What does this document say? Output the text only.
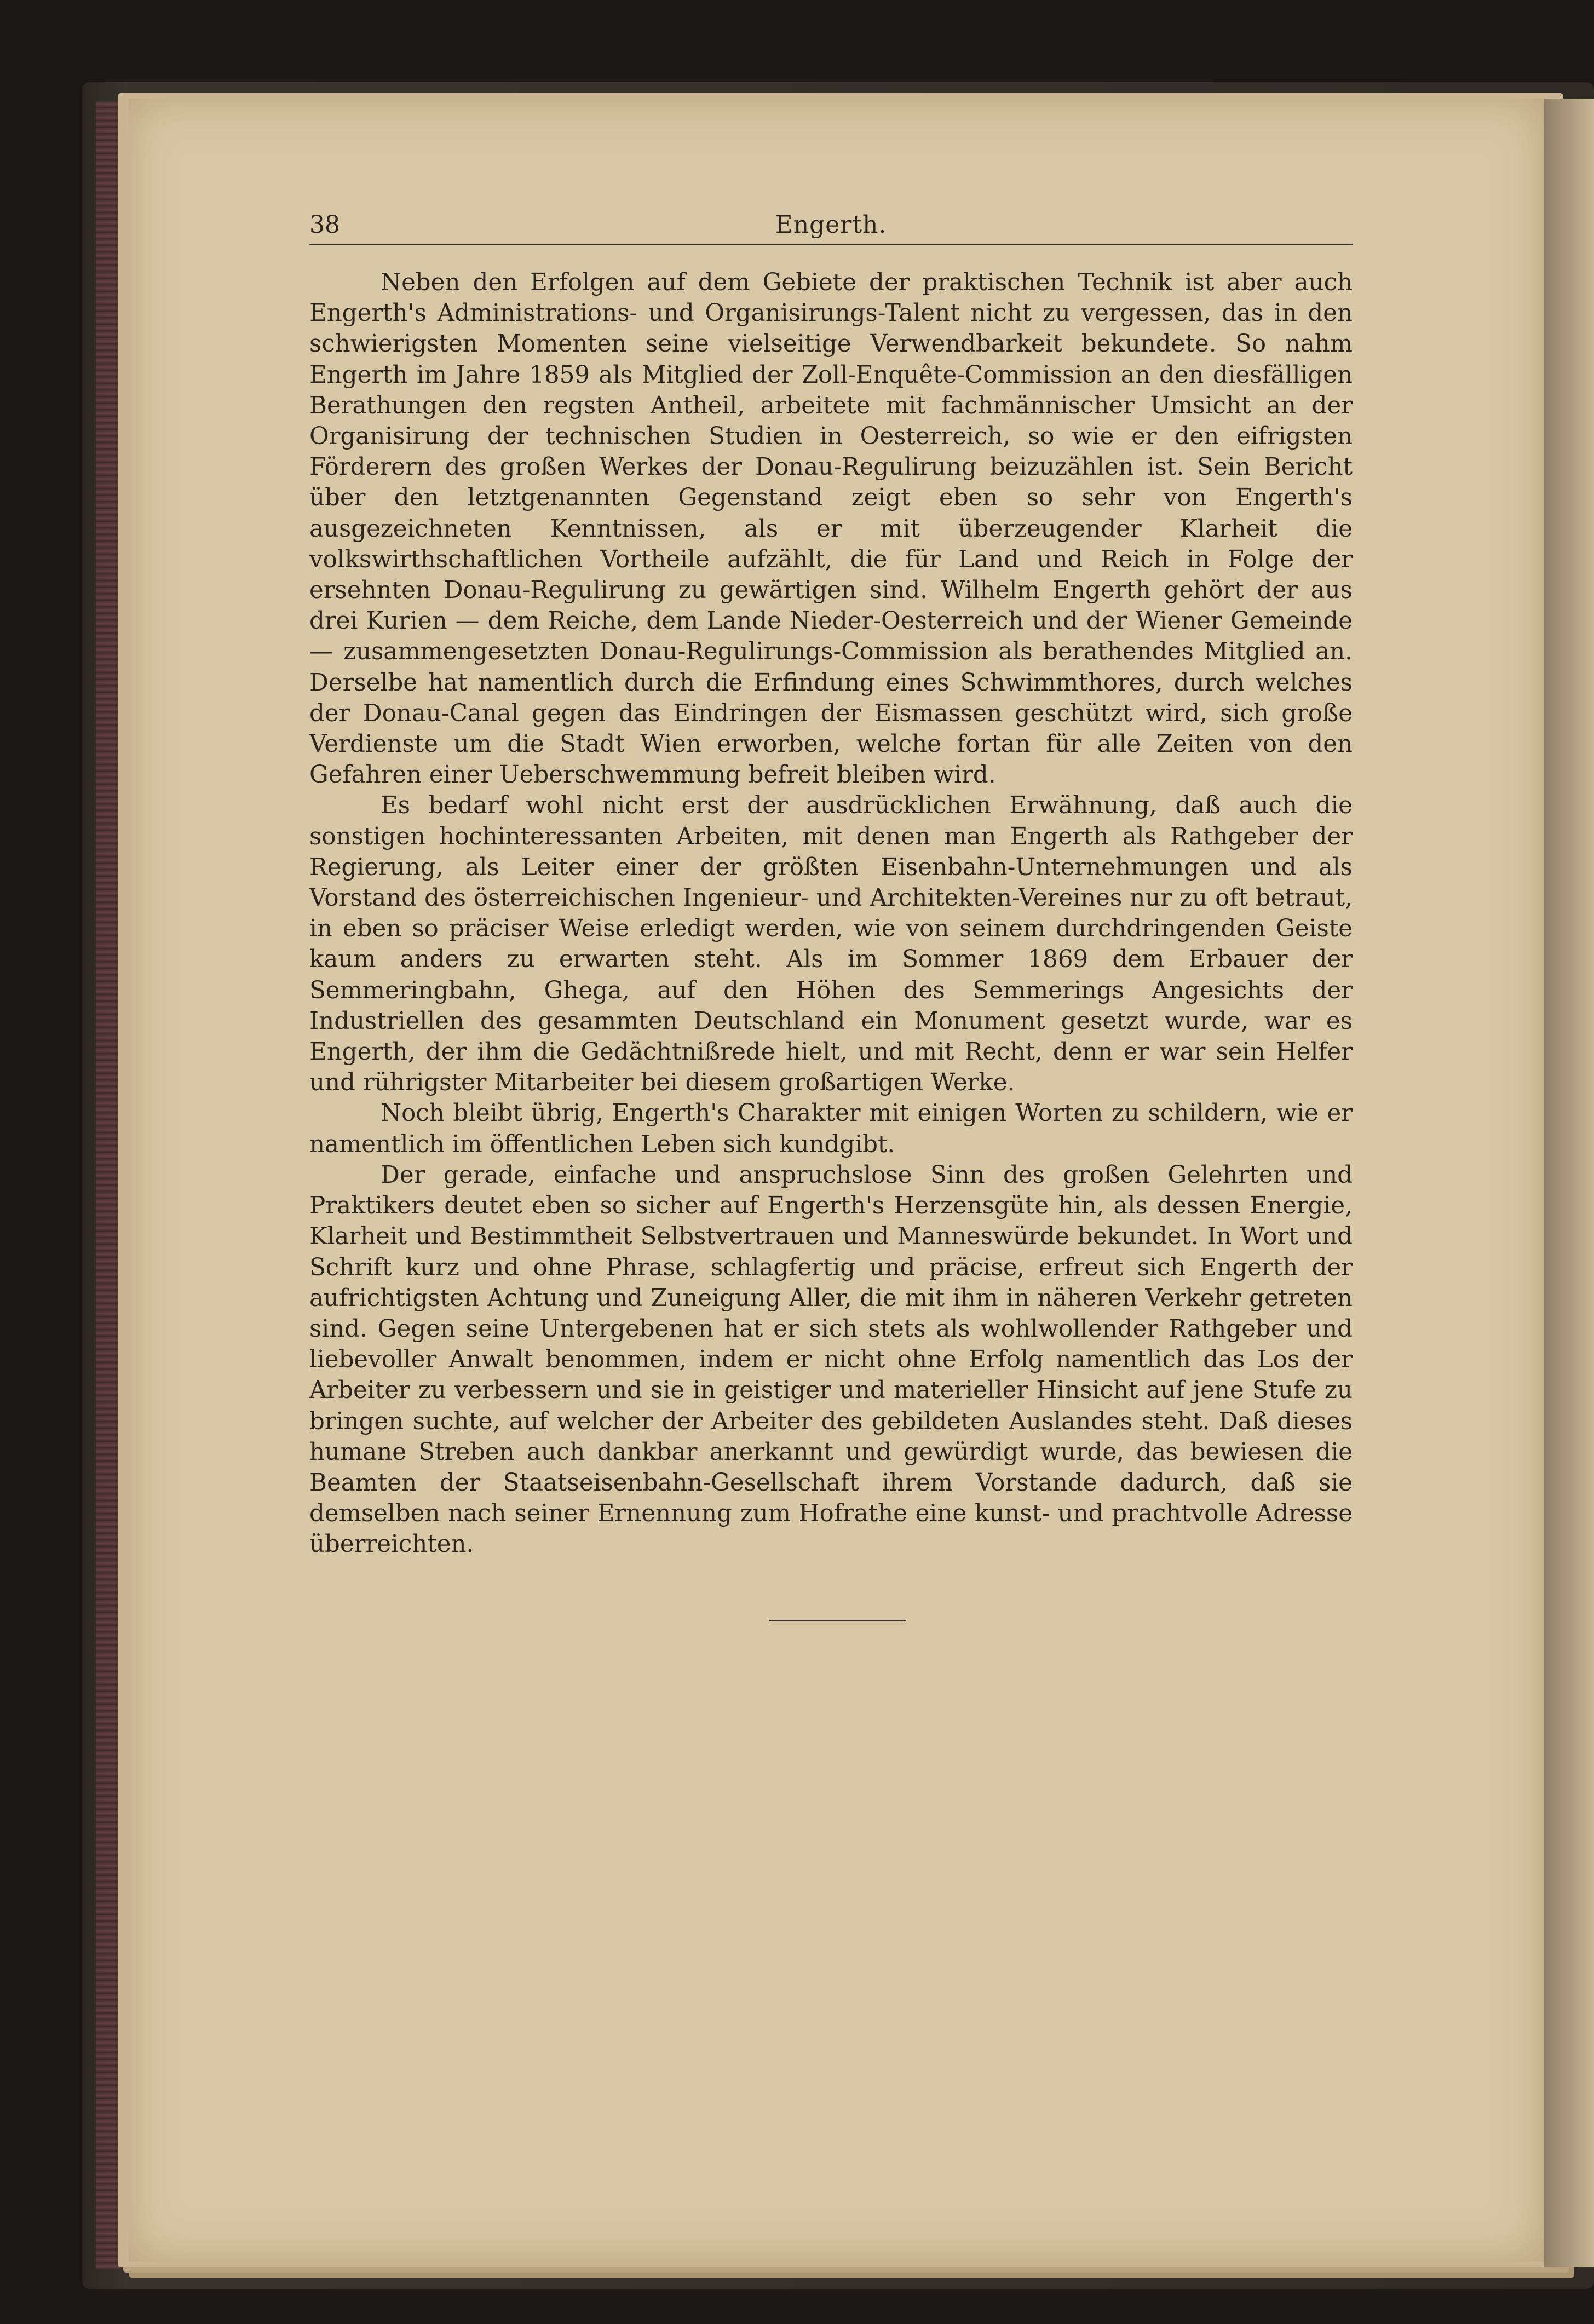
38	Engerth.

Neben den Erfolgen auf dem Gebiete der praktischen Technik ist aber auch Engerth's Administrations- und Organisirungs-Talent nicht zu vergessen, das in den schwierigsten Momenten seine vielseitige Verwendbarkeit bekundete. So nahm Engerth im Jahre 1859 als Mitglied der Zoll-Enquête-Commission an den diesfälligen Berathungen den regsten Antheil, arbeitete mit fachmännischer Umsicht an der Organisirung der technischen Studien in Oesterreich, so wie er den eifrigsten Förderern des großen Werkes der Donau-Regulirung beizuzählen ist. Sein Bericht über den letztgenannten Gegenstand zeigt eben so sehr von Engerth's ausgezeichneten Kenntnissen, als er mit überzeugender Klarheit die volkswirthschaftlichen Vortheile aufzählt, die für Land und Reich in Folge der ersehnten Donau-Regulirung zu gewärtigen sind. Wilhelm Engerth gehört der aus drei Kurien — dem Reiche, dem Lande Nieder-Oesterreich und der Wiener Gemeinde — zusammengesetzten Donau-Regulirungs-Commission als berathendes Mitglied an. Derselbe hat namentlich durch die Erfindung eines Schwimmthores, durch welches der Donau-Canal gegen das Eindringen der Eismassen geschützt wird, sich große Verdienste um die Stadt Wien erworben, welche fortan für alle Zeiten von den Gefahren einer Ueberschwemmung befreit bleiben wird.

Es bedarf wohl nicht erst der ausdrücklichen Erwähnung, daß auch die sonstigen hochinteressanten Arbeiten, mit denen man Engerth als Rathgeber der Regierung, als Leiter einer der größten Eisenbahn-Unternehmungen und als Vorstand des österreichischen Ingenieur- und Architekten-Vereines nur zu oft betraut, in eben so präciser Weise erledigt werden, wie von seinem durchdringenden Geiste kaum anders zu erwarten steht. Als im Sommer 1869 dem Erbauer der Semmeringbahn, Ghega, auf den Höhen des Semmerings Angesichts der Industriellen des gesammten Deutschland ein Monument gesetzt wurde, war es Engerth, der ihm die Gedächtnißrede hielt, und mit Recht, denn er war sein Helfer und rührigster Mitarbeiter bei diesem großartigen Werke.

Noch bleibt übrig, Engerth's Charakter mit einigen Worten zu schildern, wie er namentlich im öffentlichen Leben sich kundgibt.

Der gerade, einfache und anspruchslose Sinn des großen Gelehrten und Praktikers deutet eben so sicher auf Engerth's Herzensgüte hin, als dessen Energie, Klarheit und Bestimmtheit Selbstvertrauen und Manneswürde bekundet. In Wort und Schrift kurz und ohne Phrase, schlagfertig und präcise, erfreut sich Engerth der aufrichtigsten Achtung und Zuneigung Aller, die mit ihm in näheren Verkehr getreten sind. Gegen seine Untergebenen hat er sich stets als wohlwollender Rathgeber und liebevoller Anwalt benommen, indem er nicht ohne Erfolg namentlich das Los der Arbeiter zu verbessern und sie in geistiger und materieller Hinsicht auf jene Stufe zu bringen suchte, auf welcher der Arbeiter des gebildeten Auslandes steht. Daß dieses humane Streben auch dankbar anerkannt und gewürdigt wurde, das bewiesen die Beamten der Staatseisenbahn-Gesellschaft ihrem Vorstande dadurch, daß sie demselben nach seiner Ernennung zum Hofrathe eine kunst- und prachtvolle Adresse überreichten.
